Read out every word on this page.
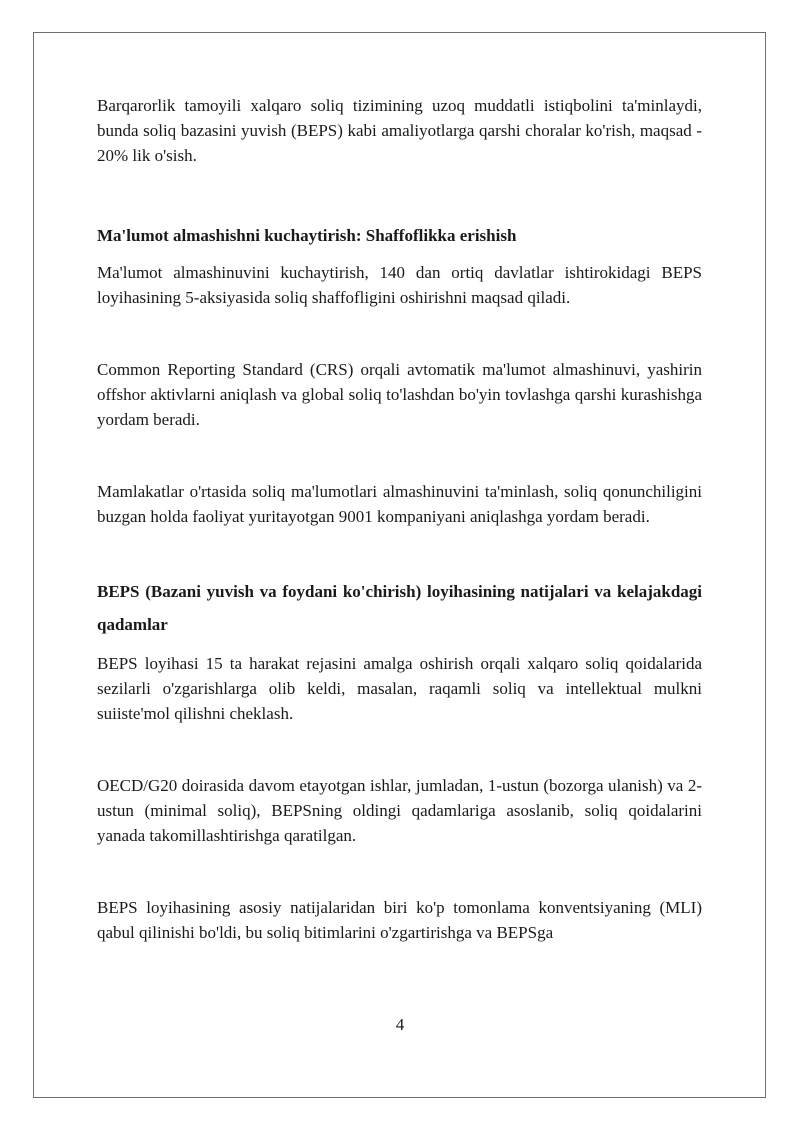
Barqarorlik tamoyili xalqaro soliq tizimining uzoq muddatli istiqbolini ta'minlaydi, bunda soliq bazasini yuvish (BEPS) kabi amaliyotlarga qarshi choralar ko'rish, maqsad - 20% lik o'sish.

Ma'lumot almashishni kuchaytirish: Shaffoflikka erishish

Ma'lumot almashinuvini kuchaytirish, 140 dan ortiq davlatlar ishtirokidagi BEPS loyihasining 5-aksiyasida soliq shaffofligini oshirishni maqsad qiladi.

Common Reporting Standard (CRS) orqali avtomatik ma'lumot almashinuvi, yashirin offshor aktivlarni aniqlash va global soliq to'lashdan bo'yin tovlashga qarshi kurashishga yordam beradi.

Mamlakatlar o'rtasida soliq ma'lumotlari almashinuvini ta'minlash, soliq qonunchiligini buzgan holda faoliyat yuritayotgan 9001 kompaniyani aniqlashga yordam beradi.

BEPS (Bazani yuvish va foydani ko'chirish) loyihasining natijalari va kelajakdagi qadamlar

BEPS loyihasi 15 ta harakat rejasini amalga oshirish orqali xalqaro soliq qoidalarida sezilarli o'zgarishlarga olib keldi, masalan, raqamli soliq va intellektual mulkni suiiste'mol qilishni cheklash.

OECD/G20 doirasida davom etayotgan ishlar, jumladan, 1-ustun (bozorga ulanish) va 2-ustun (minimal soliq), BEPSning oldingi qadamlariga asoslanib, soliq qoidalarini yanada takomillashtirishga qaratilgan.

BEPS loyihasining asosiy natijalaridan biri ko'p tomonlama konventsiyaning (MLI) qabul qilinishi bo'ldi, bu soliq bitimlarini o'zgartirishga va BEPSga

4
